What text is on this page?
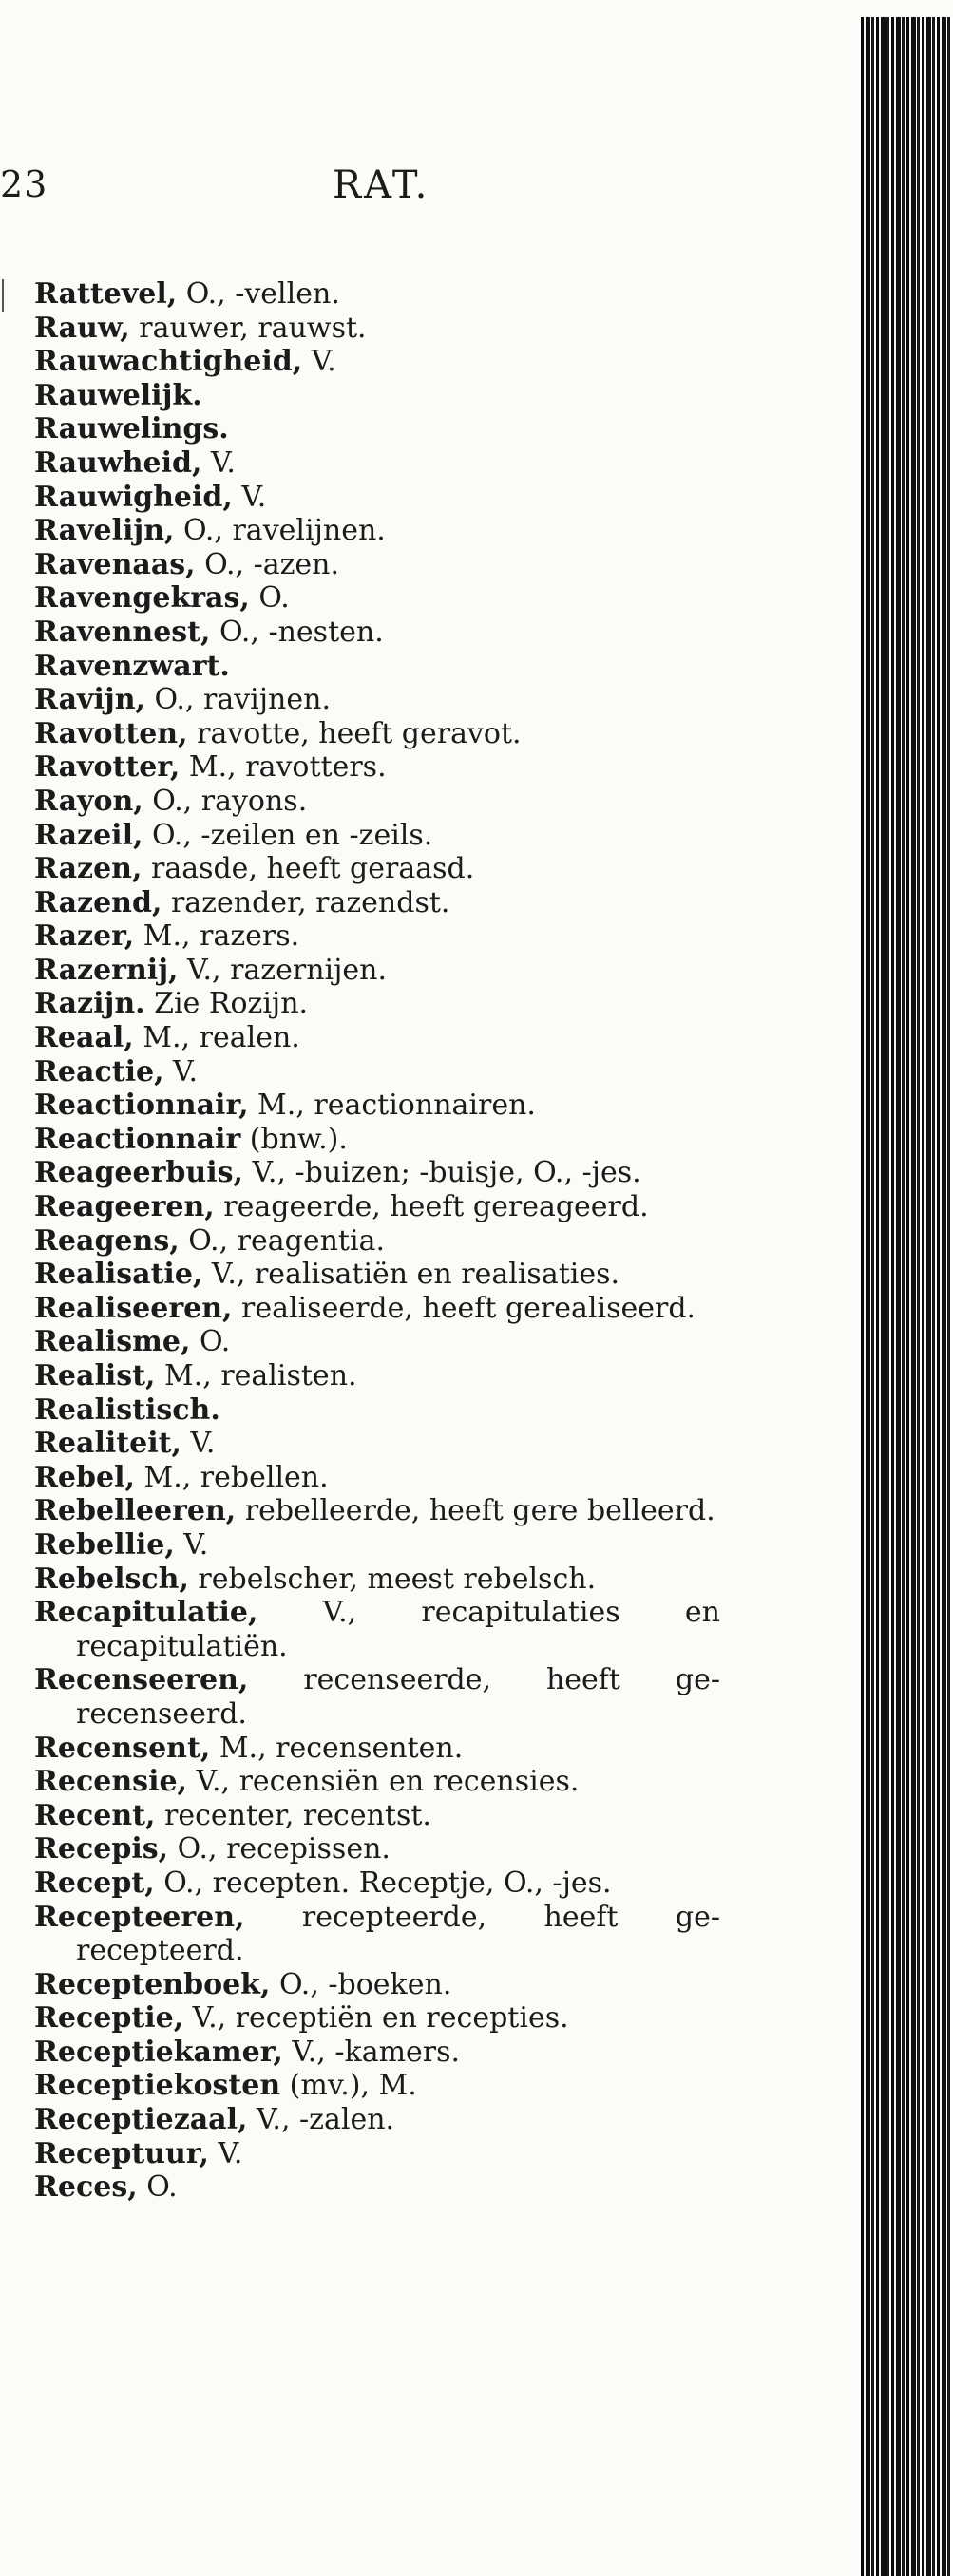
23	RAT.
Rattevel, O., -vellen.
Rauw, rauwer, rauwst.
Rauwachtigheid, V.
Rauwelijk.
Rauwelings.
Rauwheid, V.
Rauwigheid, V.
Ravelijn, O., ravelijnen.
Ravenaas, O., -azen.
Ravengekras, O.
Ravennest, O., -nesten.
Ravenzwart.
Ravijn, O., ravijnen.
Ravotten, ravotte, heeft geravot.
Ravotter, M., ravotters.
Rayon, O., rayons.
Razeil, O., -zeilen en -zeils.
Razen, raasde, heeft geraasd.
Razend, razender, razendst.
Razer, M., razers.
Razernij, V., razernijen.
Razijn. Zie Rozijn.
Reaal, M., realen.
Reactie, V.
Reactionnair, M., reactionnairen.
Reactionnair (bnw.).
Reageerbuis, V., -buizen; -buisje, O., -jes.
Reageeren, reageerde, heeft gereageerd.
Reagens, O., reagentia.
Realisatie, V., realisatiën en realisaties.
Realiseeren, realiseerde, heeft gerealiseerd.
Realisme, O.
Realist, M., realisten.
Realistisch.
Realiteit, V.
Rebel, M., rebellen.
Rebelleeren, rebelleerde, heeft gere belleerd.
Rebellie, V.
Rebelsch, rebelscher, meest rebelsch.
Recapitulatie, V., recapitulaties en recapitulatiën.
Recenseeren, recenseerde, heeft gerecenseerd.
Recensent, M., recensenten.
Recensie, V., recensiën en recensies.
Recent, recenter, recentst.
Recepis, O., recepissen.
Recept, O., recepten. Receptje, O., -jes.
Recepteeren, recepteerde, heeft gerecepteerd.
Receptenboek, O., -boeken.
Receptie, V., receptiën en recepties.
Receptiekamer, V., -kamers.
Receptiekosten (mv.), M.
Receptiezaal, V., -zalen.
Receptuur, V.
Reces, O.
